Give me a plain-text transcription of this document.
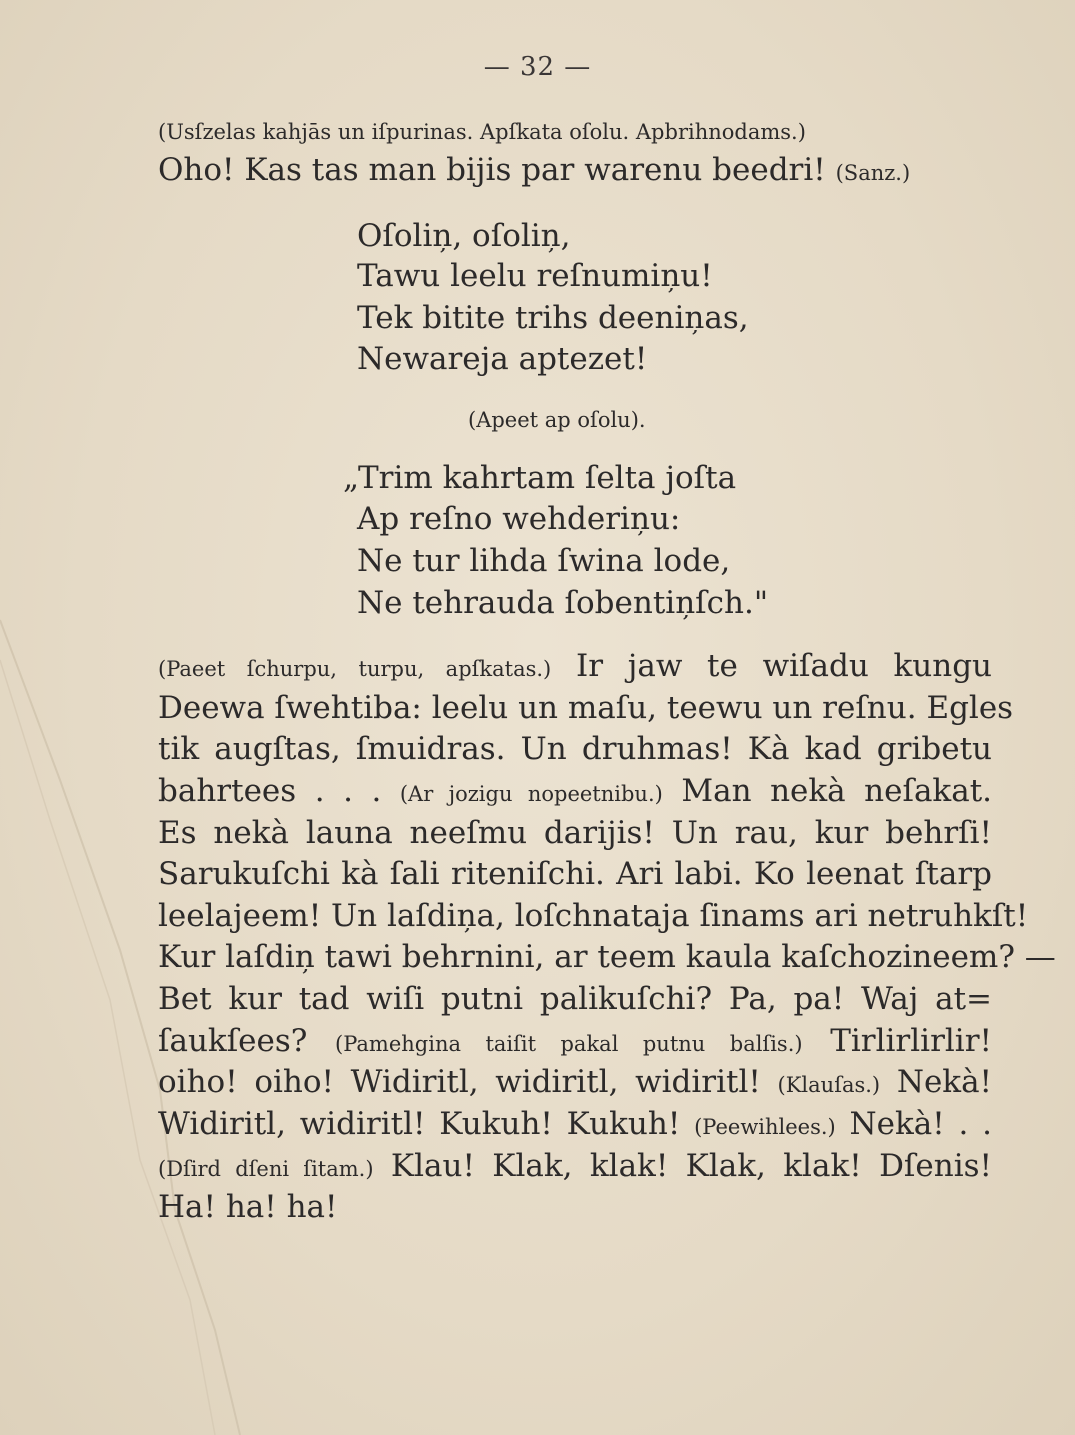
— 32 —
(Usſzelas kahjās un iſpurinas. Apſkata oſolu. Apbrihnodams.)
Oho! Kas tas man bijis par warenu beedri! (Sanz.)
Oſoliņ, oſoliņ,
Tawu leelu reſnumiņu!
Tek bitite trihs deeniņas,
Newareja aptezet!
(Apeet ap oſolu).
„Trim kahrtam ſelta joſta
Ap reſno wehderiņu:
Ne tur lihda ſwina lode,
Ne tehrauda ſobentiņſch."
(Paeet ſchurpu, turpu, apſkatas.) Ir jaw te wiſadu kungu
Deewa ſwehtiba: leelu un maſu, teewu un reſnu. Egles
tik augſtas, ſmuidras. Un druhmas! Kà kad gribetu
bahrtees . . . (Ar jozigu nopeetnibu.) Man nekà neſakat.
Es nekà launa neeſmu darijis! Un rau, kur behrſi!
Sarukuſchi kà ſali riteniſchi. Ari labi. Ko leenat ſtarp
leelajeem! Un laſdiņa, loſchnataja ſinams ari netruhkſt!
Kur laſdiņ tawi behrnini, ar teem kaula kaſchozineem? —
Bet kur tad wiſi putni palikuſchi? Pa, pa! Waj at=
ſaukſees? (Pamehgina taiſit pakal putnu balſis.) Tirlirlirlir!
oiho! oiho! Widiritl, widiritl, widiritl! (Klauſas.) Nekà!
Widiritl, widiritl! Kukuh! Kukuh! (Peewihlees.) Nekà! . .
(Dſird dſeni ſitam.) Klau! Klak, klak! Klak, klak! Dſenis!
Ha! ha! ha!
